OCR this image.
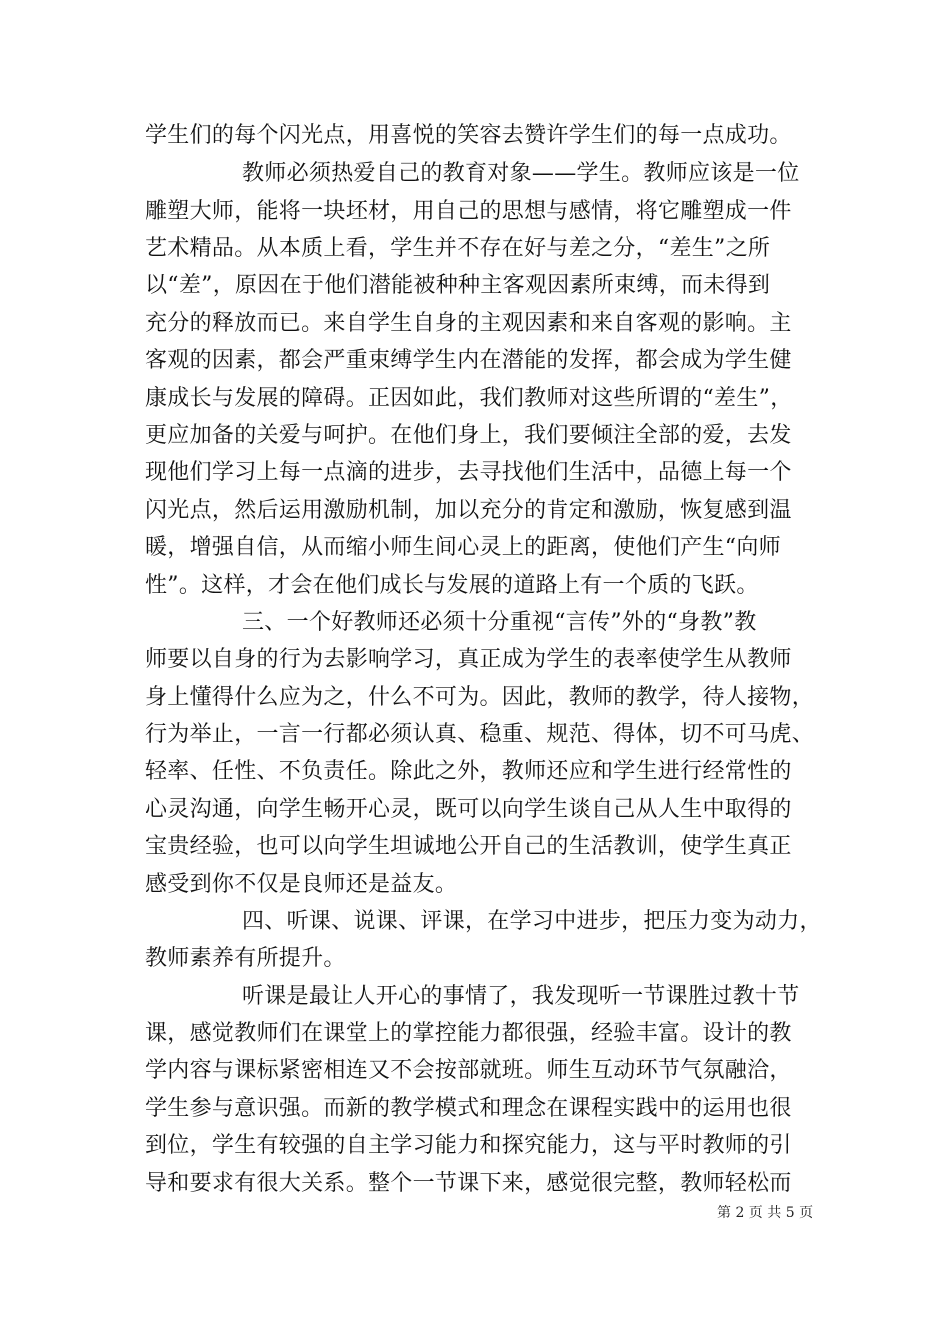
学生们的每个闪光点，用喜悦的笑容去赞许学生们的每一点成功。
教师必须热爱自己的教育对象——学生。教师应该是一位
雕塑大师，能将一块坯材，用自己的思想与感情，将它雕塑成一件
艺术精品。从本质上看，学生并不存在好与差之分，“差生”之所
以“差”，原因在于他们潜能被种种主客观因素所束缚，而未得到
充分的释放而已。来自学生自身的主观因素和来自客观的影响。主
客观的因素，都会严重束缚学生内在潜能的发挥，都会成为学生健
康成长与发展的障碍。正因如此，我们教师对这些所谓的“差生”，
更应加备的关爱与呵护。在他们身上，我们要倾注全部的爱，去发
现他们学习上每一点滴的进步，去寻找他们生活中，品德上每一个
闪光点，然后运用激励机制，加以充分的肯定和激励，恢复感到温
暖，增强自信，从而缩小师生间心灵上的距离，使他们产生“向师
性”。这样，才会在他们成长与发展的道路上有一个质的飞跃。
三、一个好教师还必须十分重视“言传”外的“身教”教
师要以自身的行为去影响学习，真正成为学生的表率使学生从教师
身上懂得什么应为之，什么不可为。因此，教师的教学，待人接物，
行为举止，一言一行都必须认真、稳重、规范、得体，切不可马虎、
轻率、任性、不负责任。除此之外，教师还应和学生进行经常性的
心灵沟通，向学生畅开心灵，既可以向学生谈自己从人生中取得的
宝贵经验，也可以向学生坦诚地公开自己的生活教训，使学生真正
感受到你不仅是良师还是益友。
四、听课、说课、评课，在学习中进步，把压力变为动力，
教师素养有所提升。
听课是最让人开心的事情了，我发现听一节课胜过教十节
课，感觉教师们在课堂上的掌控能力都很强，经验丰富。设计的教
学内容与课标紧密相连又不会按部就班。师生互动环节气氛融洽，
学生参与意识强。而新的教学模式和理念在课程实践中的运用也很
到位，学生有较强的自主学习能力和探究能力，这与平时教师的引
导和要求有很大关系。整个一节课下来，感觉很完整，教师轻松而
第 2 页 共 5 页
